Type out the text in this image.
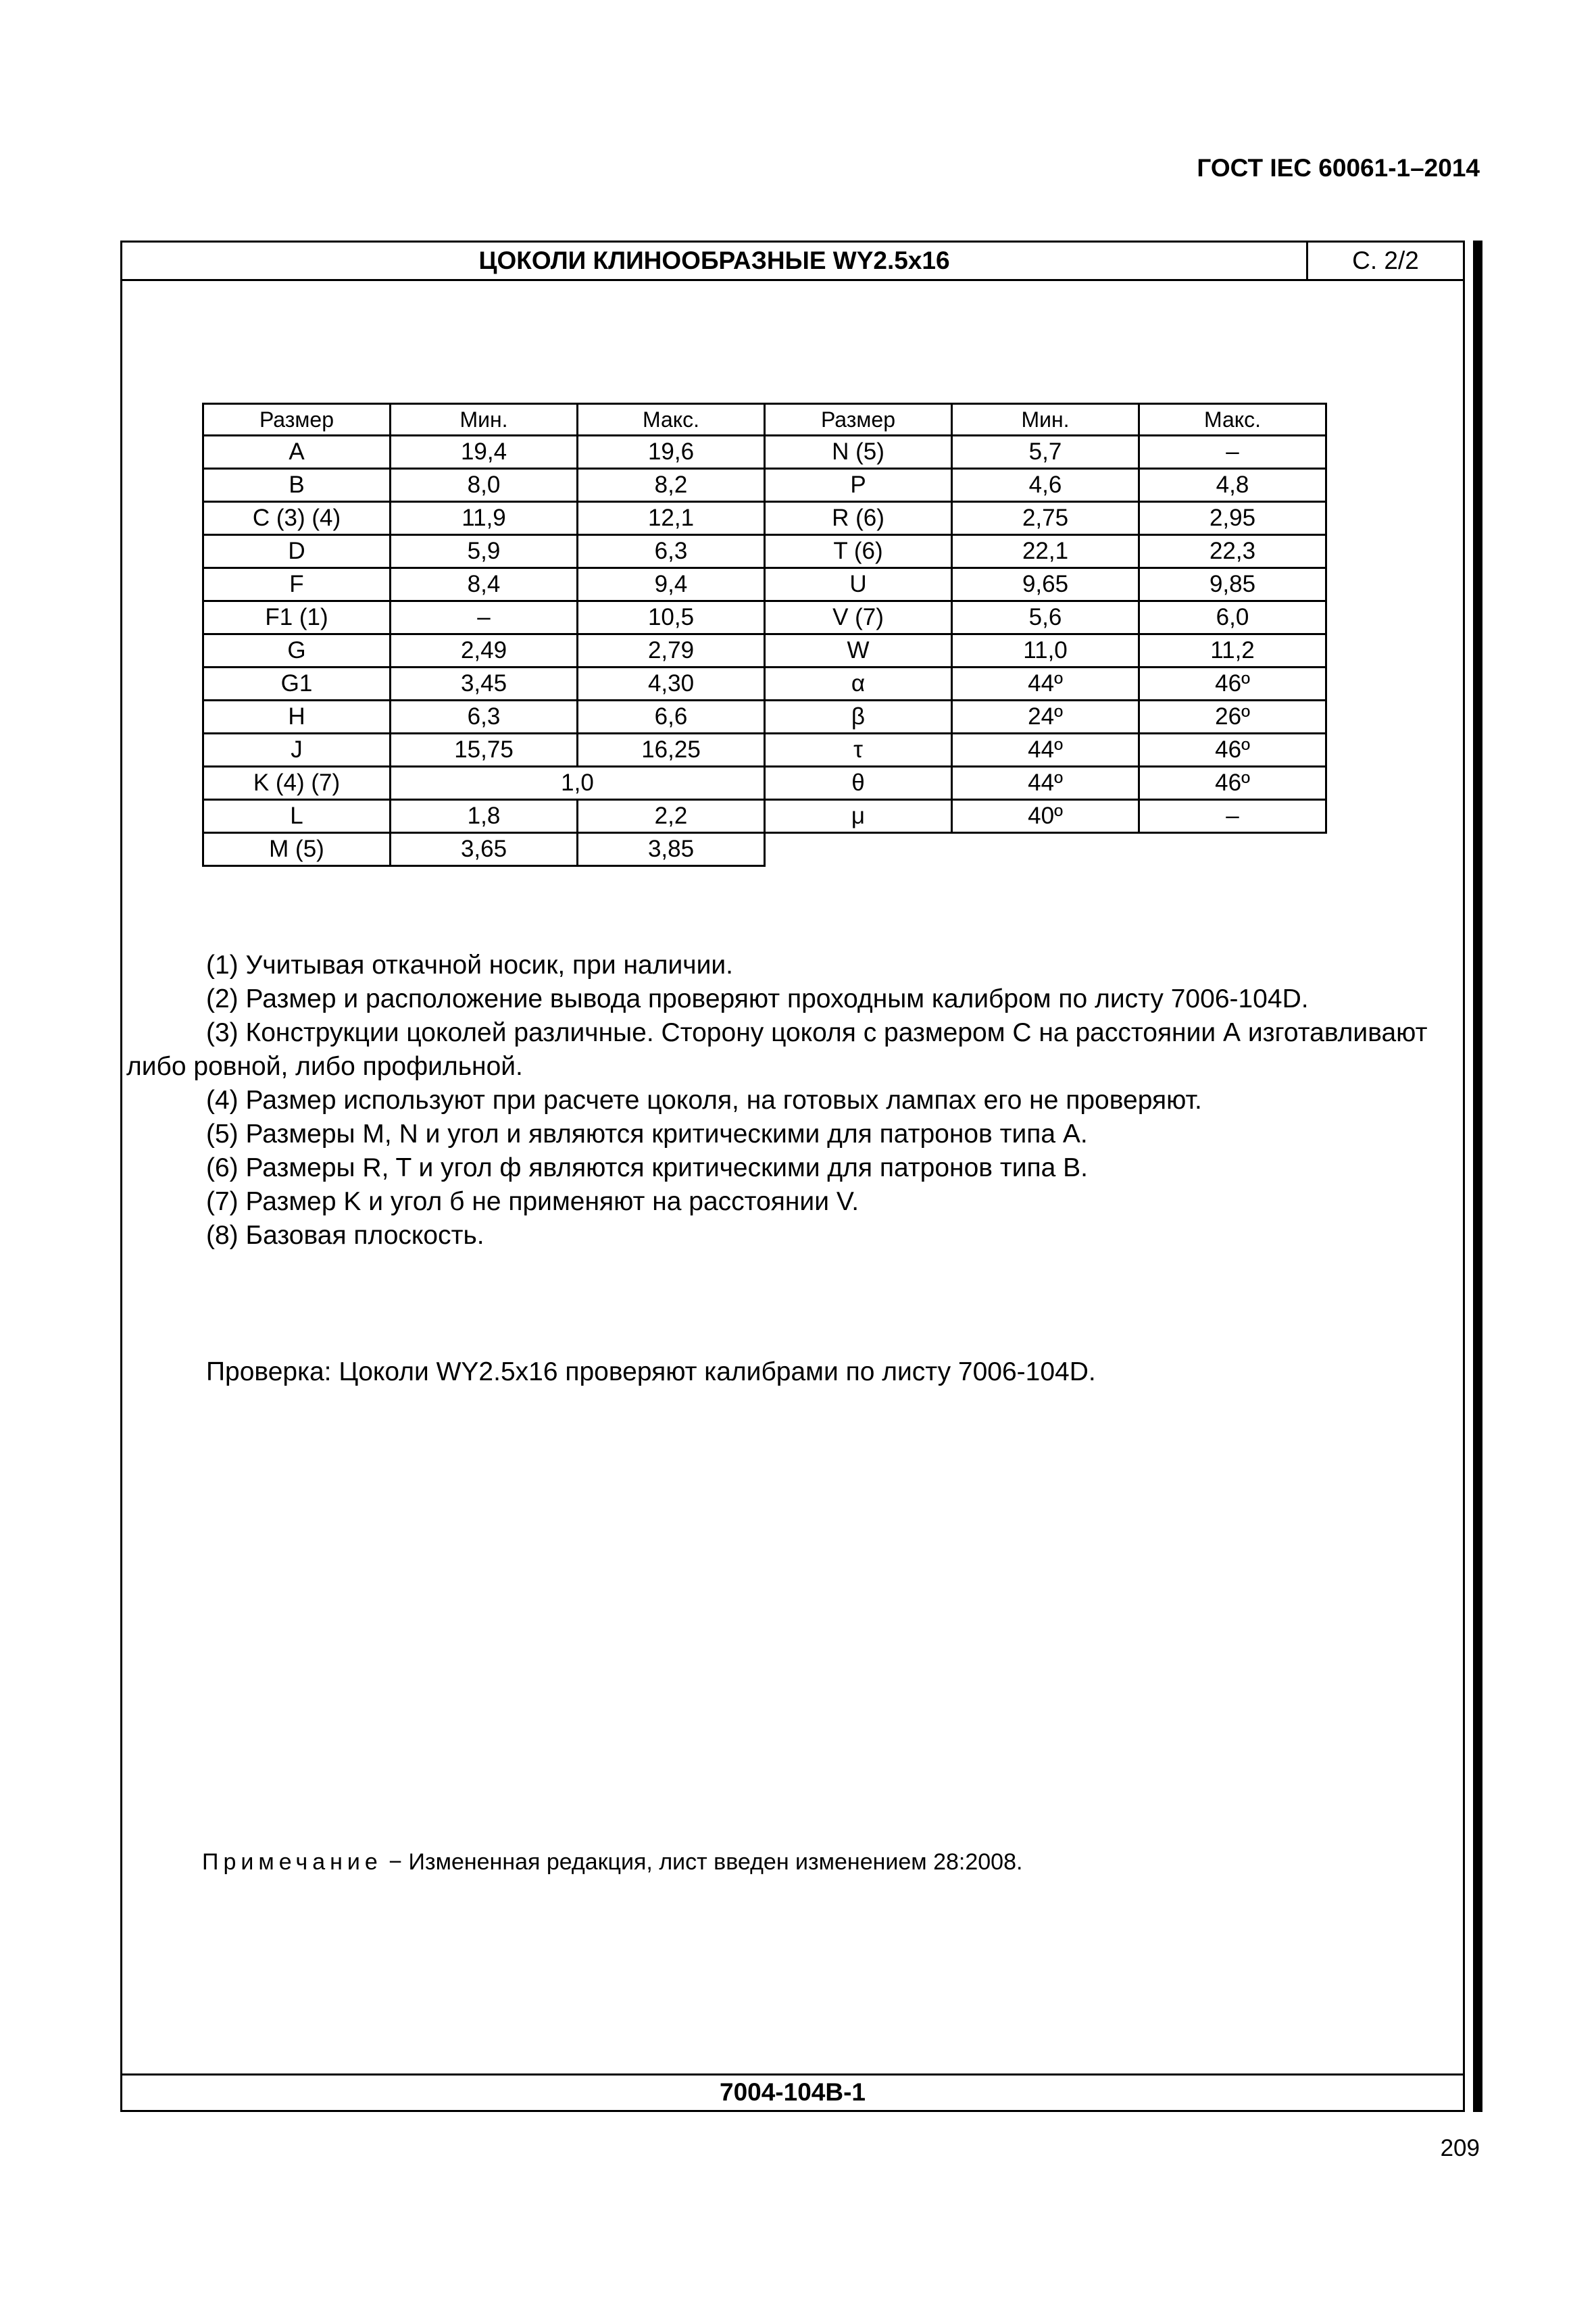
ГОСТ IEC 60061-1–2014
ЦОКОЛИ КЛИНООБРАЗНЫЕ WY2.5х16	С. 2/2
Размер	Мин.	Макс.	Размер	Мин.	Макс.
A	19,4	19,6	N (5)	5,7	–
B	8,0	8,2	P	4,6	4,8
C (3) (4)	11,9	12,1	R (6)	2,75	2,95
D	5,9	6,3	T (6)	22,1	22,3
F	8,4	9,4	U	9,65	9,85
F1 (1)	–	10,5	V (7)	5,6	6,0
G	2,49	2,79	W	11,0	11,2
G1	3,45	4,30	α	44º	46º
H	6,3	6,6	β	24º	26º
J	15,75	16,25	τ	44º	46º
K (4) (7)	1,0		θ	44º	46º
L	1,8	2,2	μ	40º	–
M (5)	3,65	3,85			

(1) Учитывая откачной носик, при наличии.

(2) Размер и расположение вывода проверяют проходным калибром по листу 7006-104D.

(3) Конструкции цоколей различные. Сторону цоколя с размером С на расстоянии А изготавливают

либо ровной, либо профильной.

(4) Размер используют при расчете цоколя, на готовых лампах его не проверяют.

(5) Размеры M, N и угол и являются критическими для патронов типа A.

(6) Размеры R, T и угол ф являются критическими для патронов типа B.

(7) Размер K и угол б не применяют на расстоянии V.

(8) Базовая плоскость.

Проверка: Цоколи WY2.5x16 проверяют калибрами по листу 7006-104D.
Примечание − Измененная редакция, лист введен изменением 28:2008.
7004-104B-1
209
